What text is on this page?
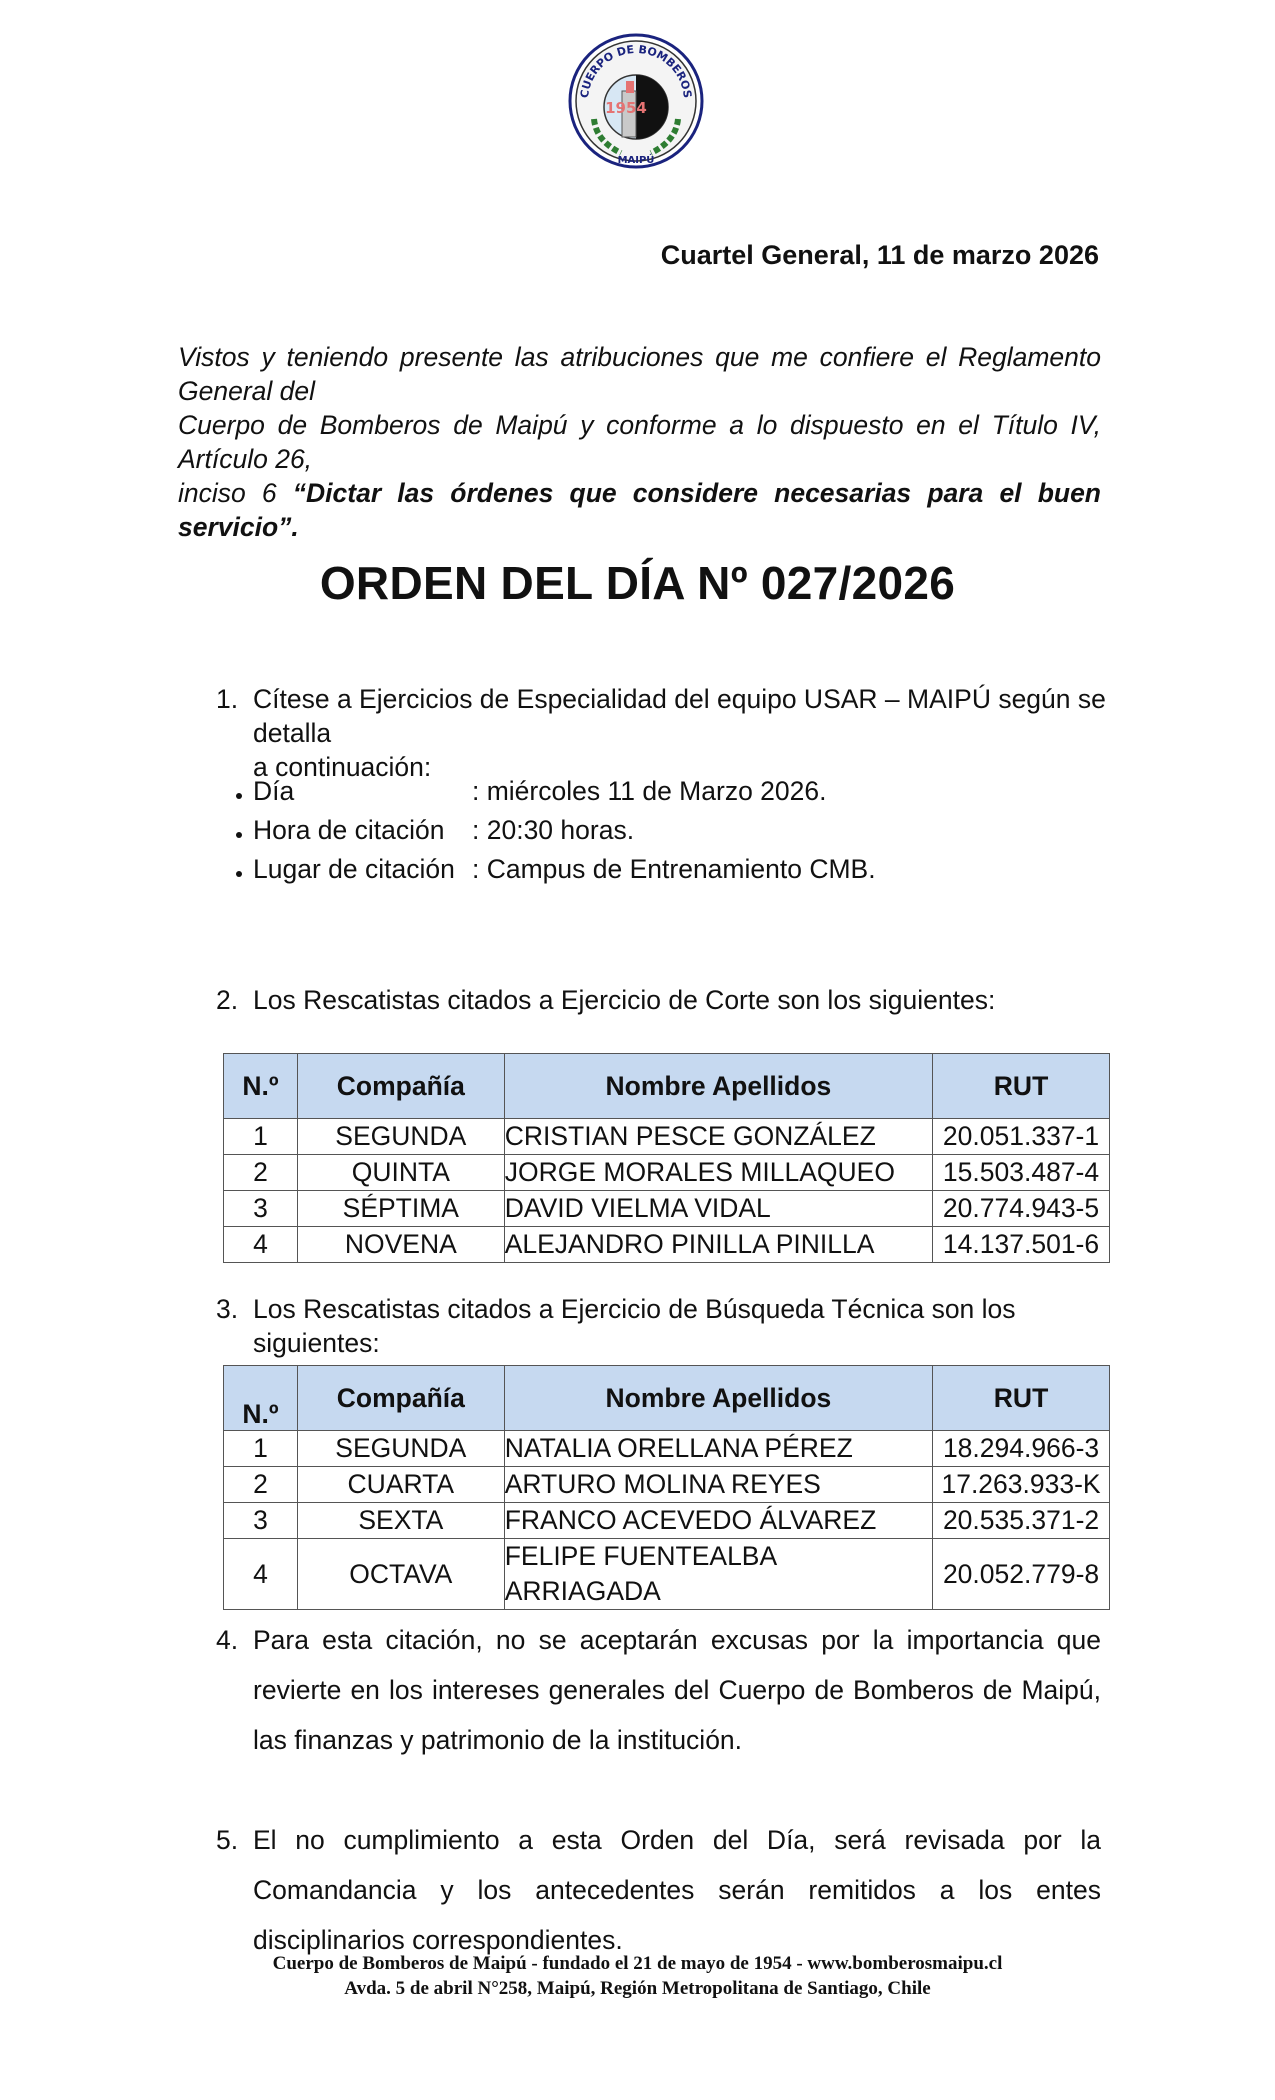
CUERPO DE BOMBEROS
1954
MAIPÚ
Cuartel General, 11 de marzo 2026
Vistos y teniendo presente las atribuciones que me confiere el Reglamento General del
Cuerpo de Bomberos de Maipú y conforme a lo dispuesto en el Título IV, Artículo 26,
inciso 6 “Dictar las órdenes que considere necesarias para el buen servicio”.
ORDEN DEL DÍA Nº 027/2026
1. Cítese a Ejercicios de Especialidad del equipo USAR – MAIPÚ según se detalla
a continuación:
Día	: miércoles 11 de Marzo 2026.
Hora de citación : 20:30 horas.
Lugar de citación : Campus de Entrenamiento CMB.
2. Los Rescatistas citados a Ejercicio de Corte son los siguientes:
N.º	Compañía	Nombre Apellidos	RUT
1	SEGUNDA	CRISTIAN PESCE GONZÁLEZ	20.051.337-1
2	QUINTA	JORGE MORALES MILLAQUEO	15.503.487-4
3	SÉPTIMA	DAVID VIELMA VIDAL	20.774.943-5
4	NOVENA	ALEJANDRO PINILLA PINILLA	14.137.501-6
3. Los Rescatistas citados a Ejercicio de Búsqueda Técnica son los siguientes:
N.º	Compañía	Nombre Apellidos	RUT
1	SEGUNDA	NATALIA ORELLANA PÉREZ	18.294.966-3
2	CUARTA	ARTURO MOLINA REYES	17.263.933-K
3	SEXTA	FRANCO ACEVEDO ÁLVAREZ	20.535.371-2
4	OCTAVA	FELIPE FUENTEALBA ARRIAGADA	20.052.779-8
4. Para esta citación, no se aceptarán excusas por la importancia que revierte en los intereses generales del Cuerpo de Bomberos de Maipú, las finanzas y patrimonio de la institución.
5. El no cumplimiento a esta Orden del Día, será revisada por la Comandancia y los antecedentes serán remitidos a los entes disciplinarios correspondientes.
Cuerpo de Bomberos de Maipú - fundado el 21 de mayo de 1954 - www.bomberosmaipu.cl
Avda. 5 de abril N°258, Maipú, Región Metropolitana de Santiago, Chile
